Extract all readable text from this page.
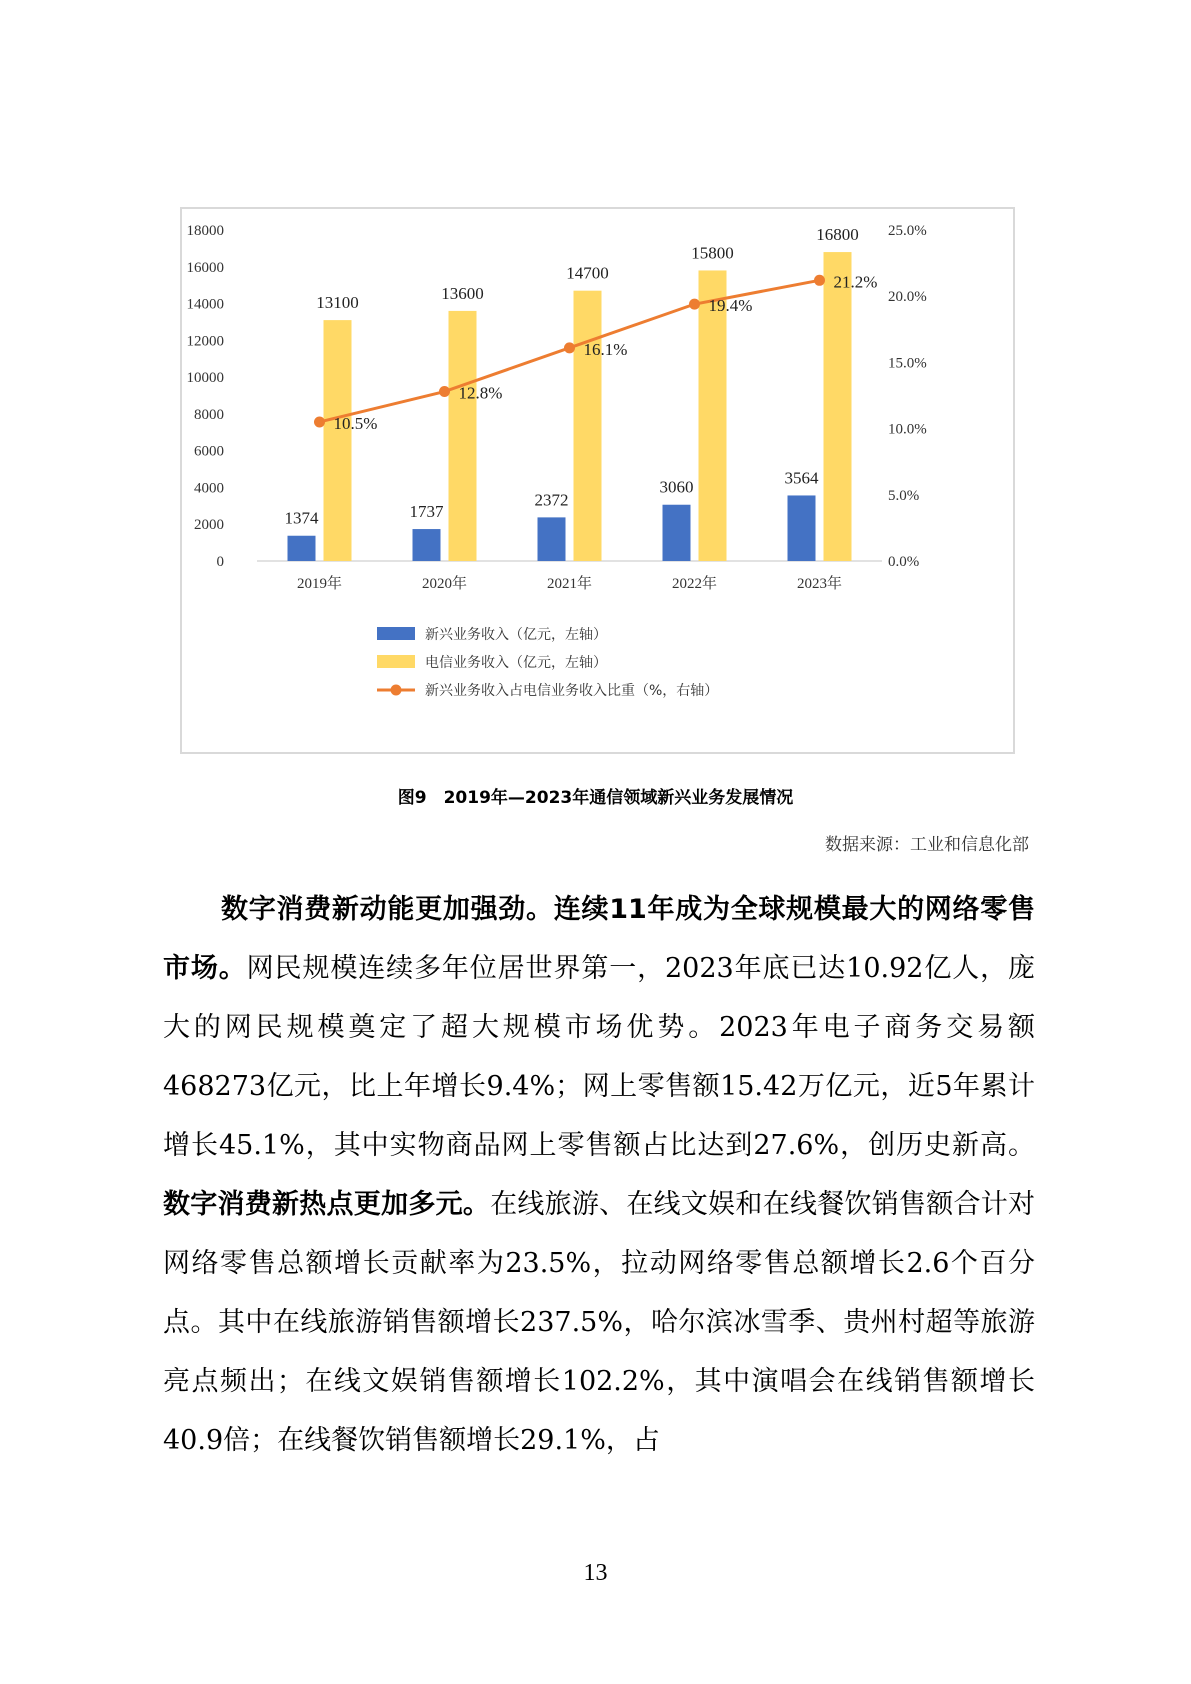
0
2000
4000
6000
8000
10000
12000
14000
16000
18000
0.0%
5.0%
10.0%
15.0%
20.0%
25.0%
1374	1737
2372
3060	3564
13100	13600
14700
15800
16800
10.5%
12.8%
16.1%
19.4%
21.2%
2019年	2020年	2021年	2022年	2023年
新兴业务收入（亿元，左轴）
电信业务收入（亿元，左轴）
新兴业务收入占电信业务收入比重（%，右轴）
图9　2019年—2023年通信领域新兴业务发展情况
数据来源：工业和信息化部
数字消费新动能更加强劲。连续11年成为全球规模最大的网络零售市场。网民规模连续多年位居世界第一，2023年底已达10.92亿人，庞大的网民规模奠定了超大规模市场优势。2023年电子商务交易额468273亿元，比上年增长9.4%；网上零售额15.42万亿元，近5年累计增长45.1%，其中实物商品网上零售额占比达到27.6%，创历史新高。数字消费新热点更加多元。在线旅游、在线文娱和在线餐饮销售额合计对网络零售总额增长贡献率为23.5%，拉动网络零售总额增长2.6个百分点。其中在线旅游销售额增长237.5%，哈尔滨冰雪季、贵州村超等旅游亮点频出；在线文娱销售额增长102.2%，其中演唱会在线销售额增长40.9倍；在线餐饮销售额增长29.1%，占
13
